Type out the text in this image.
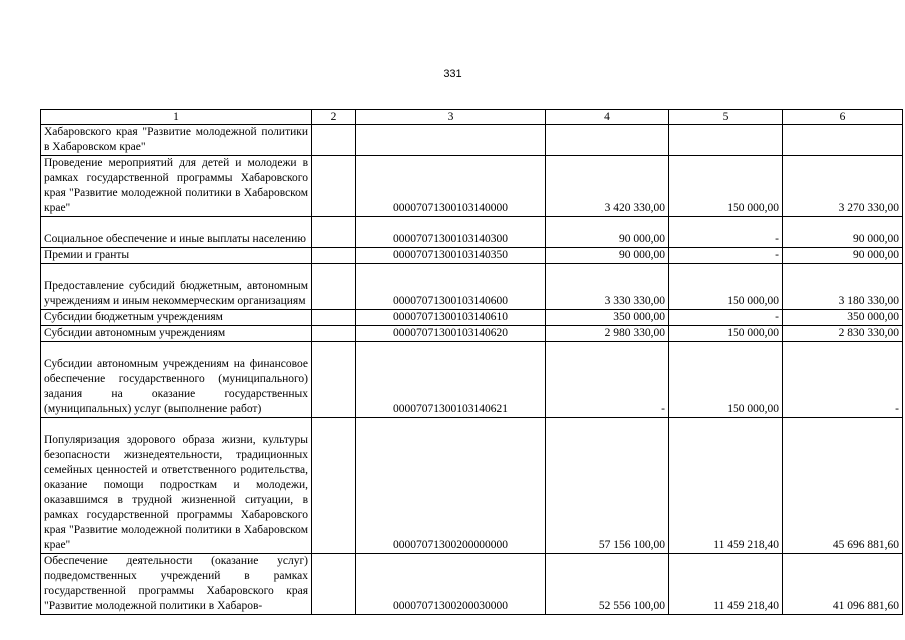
331
1	2	3	4	5	6
Хабаровского края "Развитие молодежной политики в Хабаровском крае"					
Проведение мероприятий для детей и молодежи в рамках государственной программы Хабаровского края "Развитие молодежной политики в Хабаровском крае"		00007071300103140000	3 420 330,00	150 000,00	3 270 330,00
Социальное обеспечение и иные выплаты населению		00007071300103140300	90 000,00	-	90 000,00
Премии и гранты		00007071300103140350	90 000,00	-	90 000,00
Предоставление субсидий бюджетным, автономным учреждениям и иным некоммерческим организациям		00007071300103140600	3 330 330,00	150 000,00	3 180 330,00
Субсидии бюджетным учреждениям		00007071300103140610	350 000,00	-	350 000,00
Субсидии автономным учреждениям		00007071300103140620	2 980 330,00	150 000,00	2 830 330,00
Субсидии автономным учреждениям на финансовое обеспечение государственного (муниципального) задания на оказание государственных (муниципальных) услуг (выполнение работ)		00007071300103140621	-	150 000,00	-
Популяризация здорового образа жизни, культуры безопасности жизнедеятельности, традиционных семейных ценностей и ответственного родительства, оказание помощи подросткам и молодежи, оказавшимся в трудной жизненной ситуации, в рамках государственной программы Хабаровского края "Развитие молодежной политики в Хабаровском крае"		00007071300200000000	57 156 100,00	11 459 218,40	45 696 881,60
Обеспечение деятельности (оказание услуг) подведомственных учреждений в рамках государственной программы Хабаровского края "Развитие молодежной политики в Хабаров-		00007071300200030000	52 556 100,00	11 459 218,40	41 096 881,60
